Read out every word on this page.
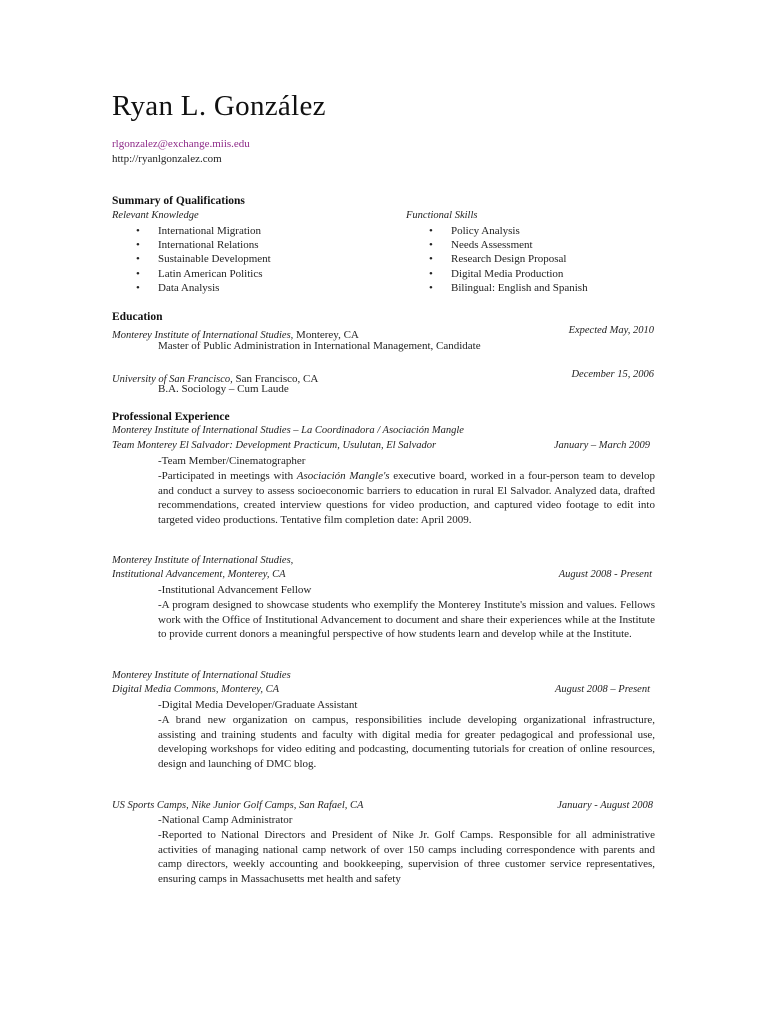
Ryan L. González
rlgonzalez@exchange.miis.edu
http://ryanlgonzalez.com
Summary of Qualifications
Relevant Knowledge	Functional Skills
• International Migration
• International Relations
• Sustainable Development
• Latin American Politics
• Data Analysis
• Policy Analysis
• Needs Assessment
• Research Design Proposal
• Digital Media Production
• Bilingual: English and Spanish
Education
Monterey Institute of International Studies, Monterey, CA	Expected May, 2010
Master of Public Administration in International Management, Candidate
University of San Francisco, San Francisco, CA	December 15, 2006
B.A. Sociology – Cum Laude
Professional Experience
Monterey Institute of International Studies – La Coordinadora / Asociación Mangle
Team Monterey El Salvador: Development Practicum, Usulutan, El Salvador	January – March 2009
-Team Member/Cinematographer
-Participated in meetings with Asociación Mangle's executive board, worked in a four-person team to develop and conduct a survey to assess socioeconomic barriers to education in rural El Salvador. Analyzed data, drafted recommendations, created interview questions for video production, and captured video footage to edit into targeted video productions. Tentative film completion date: April 2009.
Monterey Institute of International Studies,
Institutional Advancement, Monterey, CA	August 2008 - Present
-Institutional Advancement Fellow
-A program designed to showcase students who exemplify the Monterey Institute's mission and values. Fellows work with the Office of Institutional Advancement to document and share their experiences while at the Institute to provide current donors a meaningful perspective of how students learn and develop while at the Institute.
Monterey Institute of International Studies
Digital Media Commons, Monterey, CA	August 2008 – Present
-Digital Media Developer/Graduate Assistant
-A brand new organization on campus, responsibilities include developing organizational infrastructure, assisting and training students and faculty with digital media for greater pedagogical and professional use, developing workshops for video editing and podcasting, documenting tutorials for creation of online resources, design and launching of DMC blog.
US Sports Camps, Nike Junior Golf Camps, San Rafael, CA	January - August 2008
-National Camp Administrator
-Reported to National Directors and President of Nike Jr. Golf Camps. Responsible for all administrative activities of managing national camp network of over 150 camps including correspondence with parents and camp directors, weekly accounting and bookkeeping, supervision of three customer service representatives, ensuring camps in Massachusetts met health and safety
